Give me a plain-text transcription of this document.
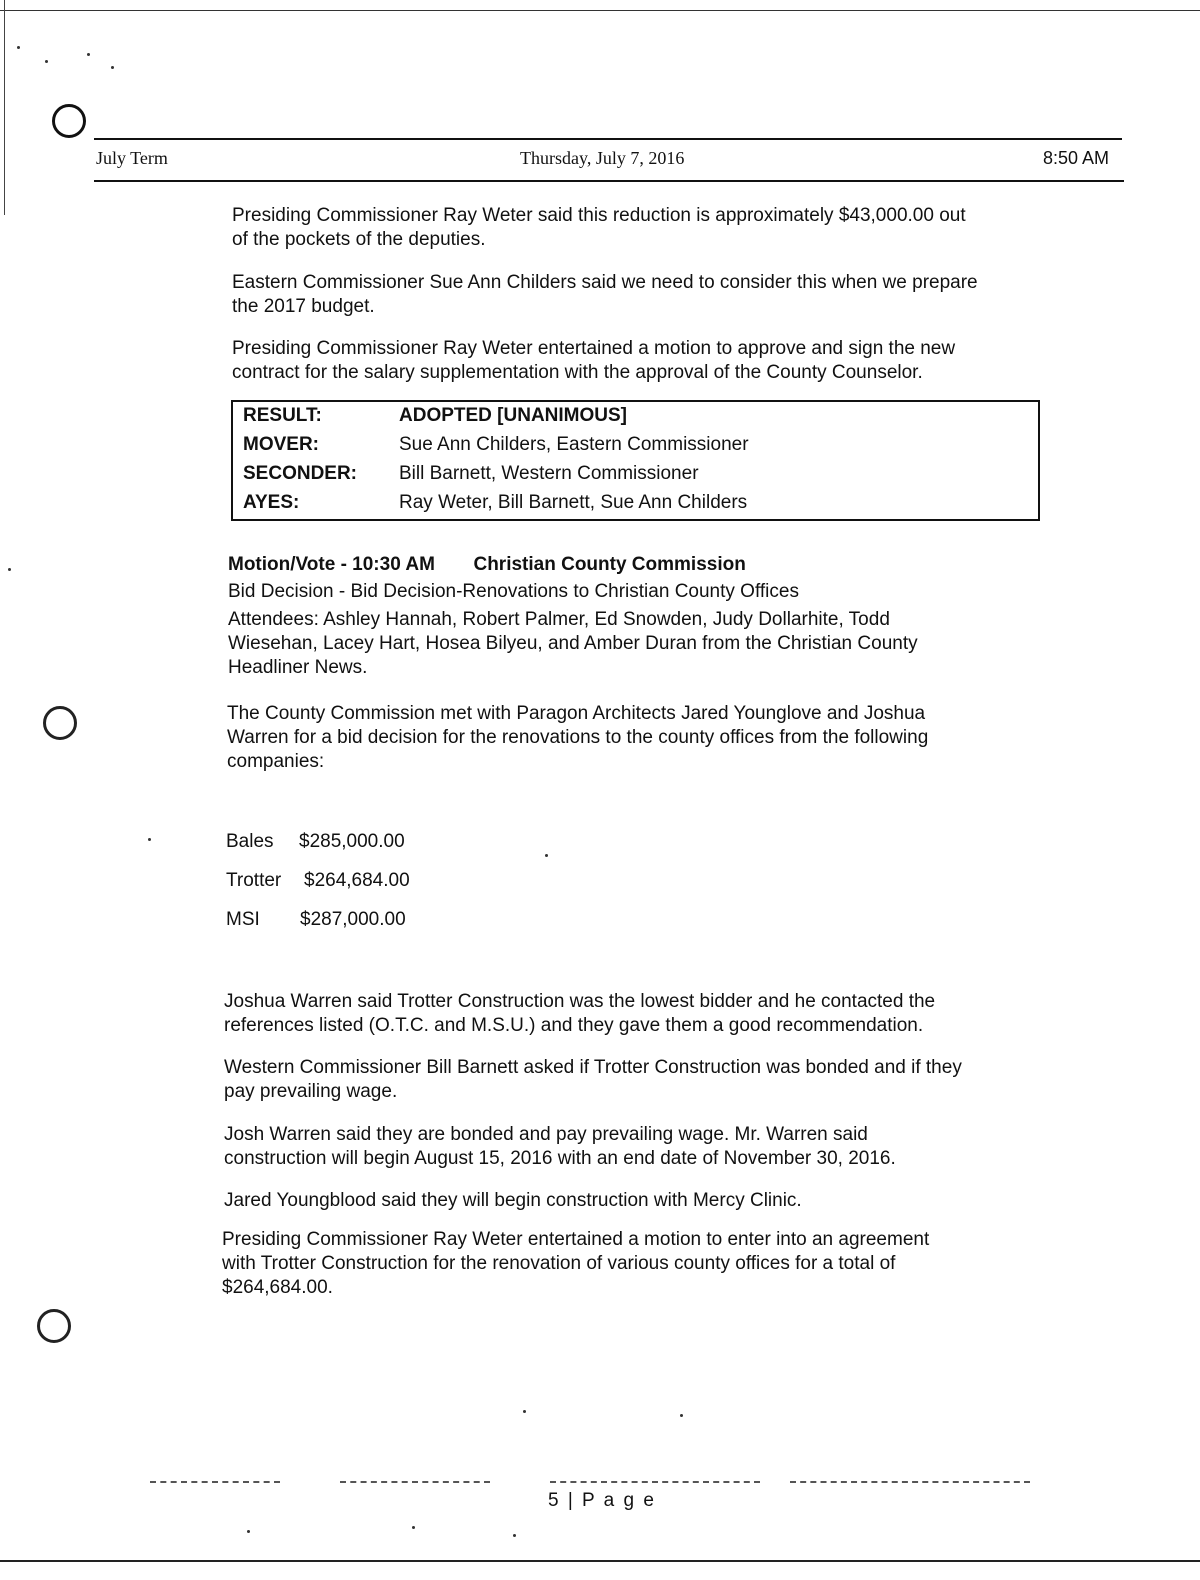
July Term	Thursday, July 7, 2016	8:50 AM
Presiding Commissioner Ray Weter said this reduction is approximately $43,000.00 out
of the pockets of the deputies.
Eastern Commissioner Sue Ann Childers said we need to consider this when we prepare
the 2017 budget.
Presiding Commissioner Ray Weter entertained a motion to approve and sign the new
contract for the salary supplementation with the approval of the County Counselor.
RESULT:	ADOPTED [UNANIMOUS]
MOVER:	Sue Ann Childers, Eastern Commissioner
SECONDER: Bill Barnett, Western Commissioner
AYES:	Ray Weter, Bill Barnett, Sue Ann Childers
Motion/Vote - 10:30 AM Christian County Commission
Bid Decision - Bid Decision-Renovations to Christian County Offices
Attendees: Ashley Hannah, Robert Palmer, Ed Snowden, Judy Dollarhite, Todd
Wiesehan, Lacey Hart, Hosea Bilyeu, and Amber Duran from the Christian County
Headliner News.
The County Commission met with Paragon Architects Jared Younglove and Joshua
Warren for a bid decision for the renovations to the county offices from the following
companies:
Bales $285,000.00
Trotter $264,684.00
MSI $287,000.00
Joshua Warren said Trotter Construction was the lowest bidder and he contacted the
references listed (O.T.C. and M.S.U.) and they gave them a good recommendation.
Western Commissioner Bill Barnett asked if Trotter Construction was bonded and if they
pay prevailing wage.
Josh Warren said they are bonded and pay prevailing wage. Mr. Warren said
construction will begin August 15, 2016 with an end date of November 30, 2016.
Jared Youngblood said they will begin construction with Mercy Clinic.
Presiding Commissioner Ray Weter entertained a motion to enter into an agreement
with Trotter Construction for the renovation of various county offices for a total of
$264,684.00.
5 | P a g e
